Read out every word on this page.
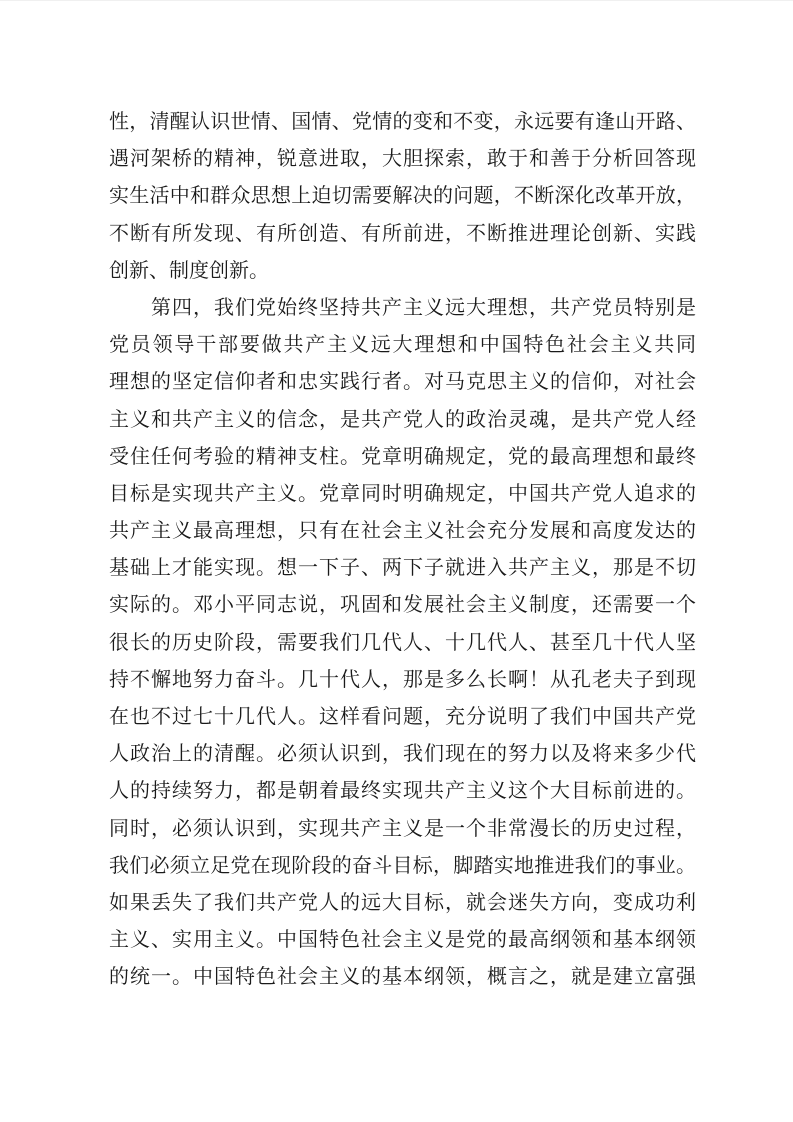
性，清醒认识世情、国情、党情的变和不变，永远要有逢山开路、
遇河架桥的精神，锐意进取，大胆探索，敢于和善于分析回答现
实生活中和群众思想上迫切需要解决的问题，不断深化改革开放，
不断有所发现、有所创造、有所前进，不断推进理论创新、实践
创新、制度创新。

第四，我们党始终坚持共产主义远大理想，共产党员特别是
党员领导干部要做共产主义远大理想和中国特色社会主义共同
理想的坚定信仰者和忠实践行者。对马克思主义的信仰，对社会
主义和共产主义的信念，是共产党人的政治灵魂，是共产党人经
受住任何考验的精神支柱。党章明确规定，党的最高理想和最终
目标是实现共产主义。党章同时明确规定，中国共产党人追求的
共产主义最高理想，只有在社会主义社会充分发展和高度发达的
基础上才能实现。想一下子、两下子就进入共产主义，那是不切
实际的。邓小平同志说，巩固和发展社会主义制度，还需要一个
很长的历史阶段，需要我们几代人、十几代人、甚至几十代人坚
持不懈地努力奋斗。几十代人，那是多么长啊！从孔老夫子到现
在也不过七十几代人。这样看问题，充分说明了我们中国共产党
人政治上的清醒。必须认识到，我们现在的努力以及将来多少代
人的持续努力，都是朝着最终实现共产主义这个大目标前进的。
同时，必须认识到，实现共产主义是一个非常漫长的历史过程，
我们必须立足党在现阶段的奋斗目标，脚踏实地推进我们的事业。
如果丢失了我们共产党人的远大目标，就会迷失方向，变成功利
主义、实用主义。中国特色社会主义是党的最高纲领和基本纲领
的统一。中国特色社会主义的基本纲领，概言之，就是建立富强
